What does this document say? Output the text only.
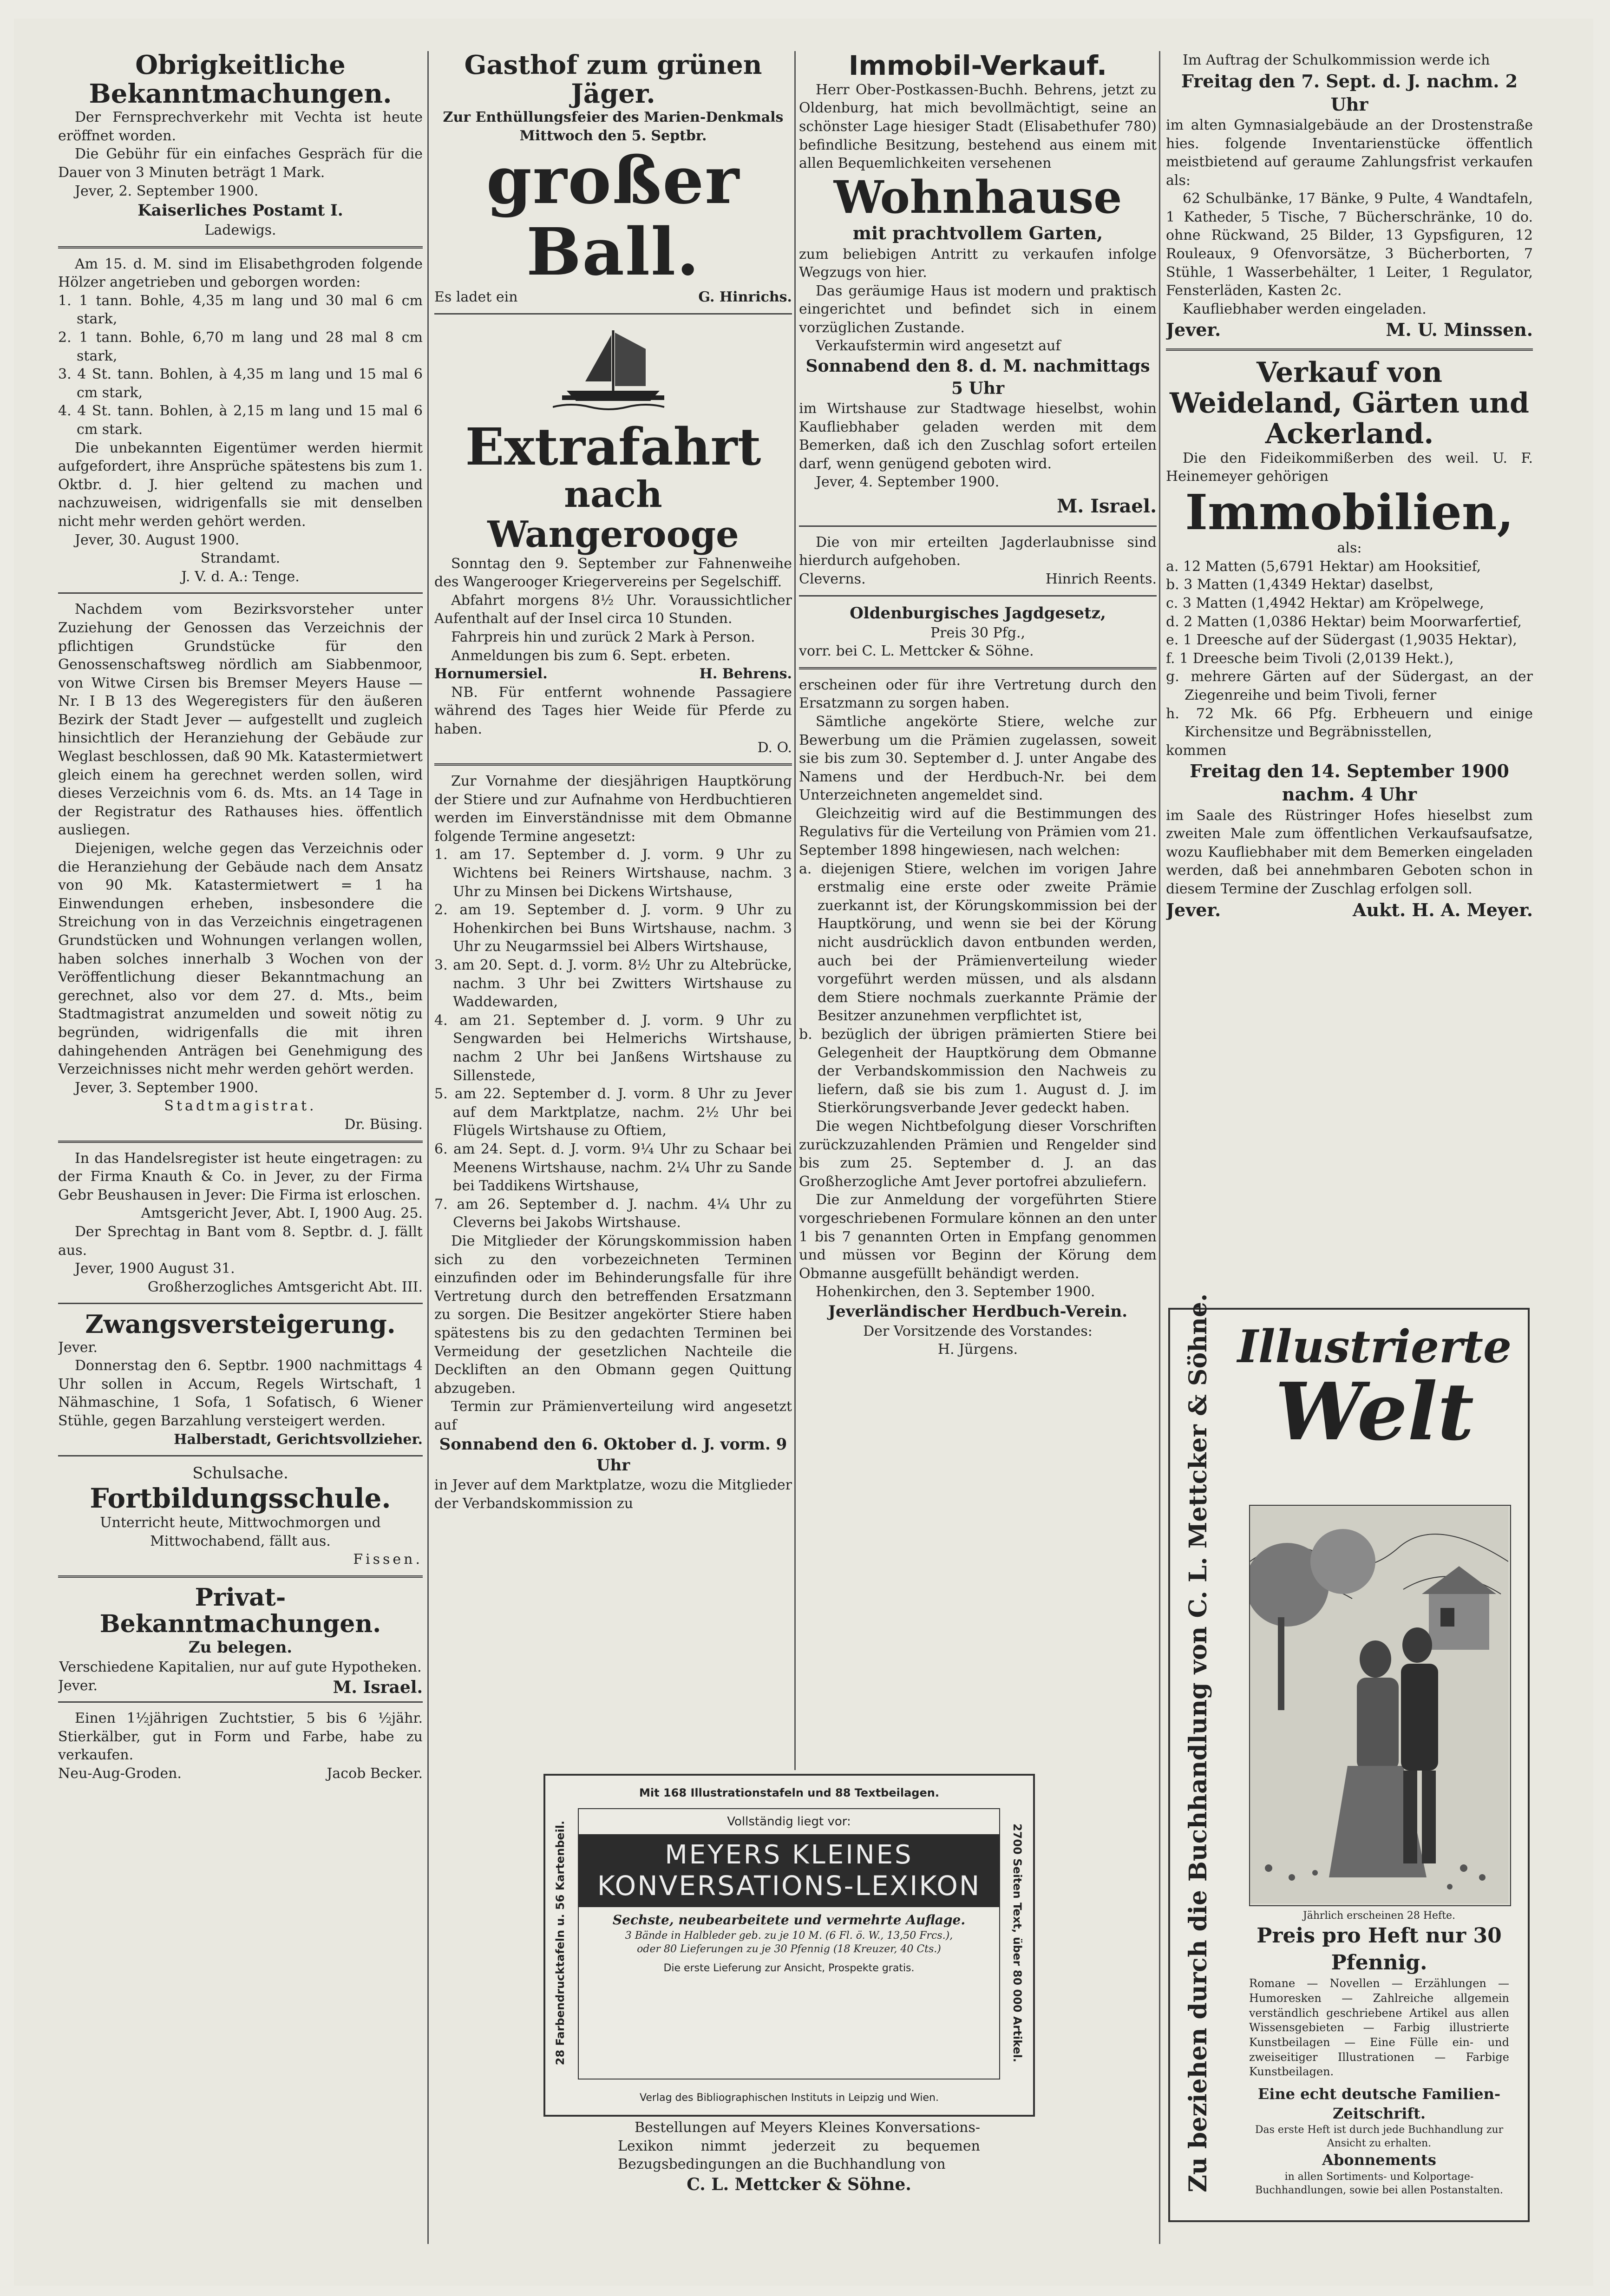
Obrigkeitliche Bekanntmachungen.

Der Fernsprechverkehr mit Vechta ist heute eröffnet worden.

Die Gebühr für ein einfaches Gespräch für die Dauer von 3 Minuten beträgt 1 Mark.

Jever, 2. September 1900.

Kaiserliches Postamt I.

Ladewigs.

Am 15. d. M. sind im Elisabethgroden folgende Hölzer angetrieben und geborgen worden:

1. 1 tann. Bohle, 4,35 m lang und 30 mal 6 cm stark,

2. 1 tann. Bohle, 6,70 m lang und 28 mal 8 cm stark,

3. 4 St. tann. Bohlen, à 4,35 m lang und 15 mal 6 cm stark,

4. 4 St. tann. Bohlen, à 2,15 m lang und 15 mal 6 cm stark.

Die unbekannten Eigentümer werden hiermit aufgefordert, ihre Ansprüche spätestens bis zum 1. Oktbr. d. J. hier geltend zu machen und nachzuweisen, widrigenfalls sie mit denselben nicht mehr werden gehört werden.

Jever, 30. August 1900.

Strandamt.

J. V. d. A.: Tenge.

Nachdem vom Bezirksvorsteher unter Zuziehung der Genossen das Verzeichnis der pflichtigen Grundstücke für den Genossenschaftsweg nördlich am Siabbenmoor, von Witwe Cirsen bis Bremser Meyers Hause — Nr. I B 13 des Wegeregisters für den äußeren Bezirk der Stadt Jever — aufgestellt und zugleich hinsichtlich der Heranziehung der Gebäude zur Weglast beschlossen, daß 90 Mk. Katastermietwert gleich einem ha gerechnet werden sollen, wird dieses Verzeichnis vom 6. ds. Mts. an 14 Tage in der Registratur des Rathauses hies. öffentlich ausliegen.

Diejenigen, welche gegen das Verzeichnis oder die Heranziehung der Gebäude nach dem Ansatz von 90 Mk. Katastermietwert = 1 ha Einwendungen erheben, insbesondere die Streichung von in das Verzeichnis eingetragenen Grundstücken und Wohnungen verlangen wollen, haben solches innerhalb 3 Wochen von der Veröffentlichung dieser Bekanntmachung an gerechnet, also vor dem 27. d. Mts., beim Stadtmagistrat anzumelden und soweit nötig zu begründen, widrigenfalls die mit ihren dahingehenden Anträgen bei Genehmigung des Verzeichnisses nicht mehr werden gehört werden.

Jever, 3. September 1900.

Stadtmagistrat.

Dr. Büsing.

In das Handelsregister ist heute eingetragen: zu der Firma Knauth & Co. in Jever, zu der Firma Gebr Beushausen in Jever: Die Firma ist erloschen.

Amtsgericht Jever, Abt. I, 1900 Aug. 25.

Der Sprechtag in Bant vom 8. Septbr. d. J. fällt aus.

Jever, 1900 August 31.

Großherzogliches Amtsgericht Abt. III.

Zwangsversteigerung.

Jever.

Donnerstag den 6. Septbr. 1900 nachmittags 4 Uhr sollen in Accum, Regels Wirtschaft, 1 Nähmaschine, 1 Sofa, 1 Sofatisch, 6 Wiener Stühle, gegen Barzahlung versteigert werden.

Halberstadt, Gerichtsvollzieher.

Schulsache.

Fortbildungsschule.

Unterricht heute, Mittwochmorgen und Mittwochabend, fällt aus.

Fissen.

Privat-Bekanntmachungen.

Zu belegen.

Verschiedene Kapitalien, nur auf gute Hypotheken.

Jever.	M. Israel.

Einen 1½jährigen Zuchtstier, 5 bis 6 ½jähr. Stierkälber, gut in Form und Farbe, habe zu verkaufen.

Neu-Aug-Groden.	Jacob Becker.

Gasthof zum grünen Jäger.

Zur Enthüllungsfeier des Marien-Denkmals Mittwoch den 5. Septbr.

großer Ball.

Es ladet ein	G. Hinrichs.

Extrafahrt
nach Wangerooge

Sonntag den 9. September zur Fahnenweihe des Wangerooger Kriegervereins per Segelschiff.

Abfahrt morgens 8½ Uhr. Voraussichtlicher Aufenthalt auf der Insel circa 10 Stunden.

Fahrpreis hin und zurück 2 Mark à Person.

Anmeldungen bis zum 6. Sept. erbeten.

Hornumersiel.	H. Behrens.

NB. Für entfernt wohnende Passagiere während des Tages hier Weide für Pferde zu haben.

D. O.

Zur Vornahme der diesjährigen Hauptkörung der Stiere und zur Aufnahme von Herdbuchtieren werden im Einverständnisse mit dem Obmanne folgende Termine angesetzt:

1. am 17. September d. J. vorm. 9 Uhr zu Wichtens bei Reiners Wirtshause, nachm. 3 Uhr zu Minsen bei Dickens Wirtshause,

2. am 19. September d. J. vorm. 9 Uhr zu Hohenkirchen bei Buns Wirtshause, nachm. 3 Uhr zu Neugarmssiel bei Albers Wirtshause,

3. am 20. Sept. d. J. vorm. 8½ Uhr zu Altebrücke, nachm. 3 Uhr bei Zwitters Wirtshause zu Waddewarden,

4. am 21. September d. J. vorm. 9 Uhr zu Sengwarden bei Helmerichs Wirtshause, nachm 2 Uhr bei Janßens Wirtshause zu Sillenstede,

5. am 22. September d. J. vorm. 8 Uhr zu Jever auf dem Marktplatze, nachm. 2½ Uhr bei Flügels Wirtshause zu Oftiem,

6. am 24. Sept. d. J. vorm. 9¼ Uhr zu Schaar bei Meenens Wirtshause, nachm. 2¼ Uhr zu Sande bei Taddikens Wirtshause,

7. am 26. September d. J. nachm. 4¼ Uhr zu Cleverns bei Jakobs Wirtshause.

Die Mitglieder der Körungskommission haben sich zu den vorbezeichneten Terminen einzufinden oder im Behinderungsfalle für ihre Vertretung durch den betreffenden Ersatzmann zu sorgen. Die Besitzer angekörter Stiere haben spätestens bis zu den gedachten Terminen bei Vermeidung der gesetzlichen Nachteile die Deckliften an den Obmann gegen Quittung abzugeben.

Termin zur Prämienverteilung wird angesetzt auf

Sonnabend den 6. Oktober d. J. vorm. 9 Uhr

in Jever auf dem Marktplatze, wozu die Mitglieder der Verbandskommission zu

Immobil-Verkauf.

Herr Ober-Postkassen-Buchh. Behrens, jetzt zu Oldenburg, hat mich bevollmächtigt, seine an schönster Lage hiesiger Stadt (Elisabethufer 780) befindliche Besitzung, bestehend aus einem mit allen Bequemlichkeiten versehenen

Wohnhause

mit prachtvollem Garten,

zum beliebigen Antritt zu verkaufen infolge Wegzugs von hier.

Das geräumige Haus ist modern und praktisch eingerichtet und befindet sich in einem vorzüglichen Zustande.

Verkaufstermin wird angesetzt auf

Sonnabend den 8. d. M. nachmittags 5 Uhr

im Wirtshause zur Stadtwage hieselbst, wohin Kaufliebhaber geladen werden mit dem Bemerken, daß ich den Zuschlag sofort erteilen darf, wenn genügend geboten wird.

Jever, 4. September 1900.

M. Israel.

Die von mir erteilten Jagderlaubnisse sind hierdurch aufgehoben.

Cleverns.	Hinrich Reents.

Oldenburgisches Jagdgesetz,

Preis 30 Pfg.,

vorr. bei C. L. Mettcker & Söhne.

erscheinen oder für ihre Vertretung durch den Ersatzmann zu sorgen haben.

Sämtliche angekörte Stiere, welche zur Bewerbung um die Prämien zugelassen, soweit sie bis zum 30. September d. J. unter Angabe des Namens und der Herdbuch-Nr. bei dem Unterzeichneten angemeldet sind.

Gleichzeitig wird auf die Bestimmungen des Regulativs für die Verteilung von Prämien vom 21. September 1898 hingewiesen, nach welchen:

a. diejenigen Stiere, welchen im vorigen Jahre erstmalig eine erste oder zweite Prämie zuerkannt ist, der Körungskommission bei der Hauptkörung, und wenn sie bei der Körung nicht ausdrücklich davon entbunden werden, auch bei der Prämienverteilung wieder vorgeführt werden müssen, und als alsdann dem Stiere nochmals zuerkannte Prämie der Besitzer anzunehmen verpflichtet ist,

b. bezüglich der übrigen prämierten Stiere bei Gelegenheit der Hauptkörung dem Obmanne der Verbandskommission den Nachweis zu liefern, daß sie bis zum 1. August d. J. im Stierkörungsverbande Jever gedeckt haben.

Die wegen Nichtbefolgung dieser Vorschriften zurückzuzahlenden Prämien und Rengelder sind bis zum 25. September d. J. an das Großherzogliche Amt Jever portofrei abzuliefern.

Die zur Anmeldung der vorgeführten Stiere vorgeschriebenen Formulare können an den unter 1 bis 7 genannten Orten in Empfang genommen und müssen vor Beginn der Körung dem Obmanne ausgefüllt behändigt werden.

Hohenkirchen, den 3. September 1900.

Jeverländischer Herdbuch-Verein.

Der Vorsitzende des Vorstandes:

H. Jürgens.

Im Auftrag der Schulkommission werde ich

Freitag den 7. Sept. d. J. nachm. 2 Uhr

im alten Gymnasialgebäude an der Drostenstraße hies. folgende Inventarienstücke öffentlich meistbietend auf geraume Zahlungsfrist verkaufen als:

62 Schulbänke, 17 Bänke, 9 Pulte, 4 Wandtafeln, 1 Katheder, 5 Tische, 7 Bücherschränke, 10 do. ohne Rückwand, 25 Bilder, 13 Gypsfiguren, 12 Rouleaux, 9 Ofenvorsätze, 3 Bücherborten, 7 Stühle, 1 Wasserbehälter, 1 Leiter, 1 Regulator, Fensterläden, Kasten 2c.

Kaufliebhaber werden eingeladen.

Jever.	M. U. Minssen.

Verkauf von Weideland, Gärten und Ackerland.

Die den Fideikommißerben des weil. U. F. Heinemeyer gehörigen

Immobilien,

als:

a. 12 Matten (5,6791 Hektar) am Hooksitief,

b. 3 Matten (1,4349 Hektar) daselbst,

c. 3 Matten (1,4942 Hektar) am Kröpelwege,

d. 2 Matten (1,0386 Hektar) beim Moorwarfertief,

e. 1 Dreesche auf der Südergast (1,9035 Hektar),

f. 1 Dreesche beim Tivoli (2,0139 Hekt.),

g. mehrere Gärten auf der Südergast, an der Ziegenreihe und beim Tivoli, ferner

h. 72 Mk. 66 Pfg. Erbheuern und einige Kirchensitze und Begräbnisstellen,

kommen

Freitag den 14. September 1900 nachm. 4 Uhr

im Saale des Rüstringer Hofes hieselbst zum zweiten Male zum öffentlichen Verkaufsaufsatze, wozu Kaufliebhaber mit dem Bemerken eingeladen werden, daß bei annehmbaren Geboten schon in diesem Termine der Zuschlag erfolgen soll.

Jever.	Aukt. H. A. Meyer.

Zu beziehen durch die Buchhandlung von C. L. Mettcker & Söhne. Illustrierte
Welt

Jährlich erscheinen 28 Hefte.

Preis pro Heft nur 30 Pfennig.

Romane — Novellen — Erzählungen — Humoresken — Zahlreiche allgemein verständlich geschriebene Artikel aus allen Wissensgebieten — Farbig illustrierte Kunstbeilagen — Eine Fülle ein- und zweiseitiger Illustrationen — Farbige Kunstbeilagen.

Eine echt deutsche Familien-Zeitschrift.

Das erste Heft ist durch jede Buchhandlung zur Ansicht zu erhalten.

Abonnements

in allen Sortiments- und Kolportage-Buchhandlungen, sowie bei allen Postanstalten.

Mit 168 Illustrationstafeln und 88 Textbeilagen.

28 Farbendrucktafeln u. 56 Kartenbeil.	2700 Seiten Text, über 80 000 Artikel.

Vollständig liegt vor:

MEYERS KLEINES
KONVERSATIONS-LEXIKON

Sechste, neubearbeitete und vermehrte Auflage.

3 Bände in Halbleder geb. zu je 10 M. (6 Fl. ö. W., 13,50 Frcs.),

oder 80 Lieferungen zu je 30 Pfennig (18 Kreuzer, 40 Cts.)

Die erste Lieferung zur Ansicht, Prospekte gratis.

Verlag des Bibliographischen Instituts in Leipzig und Wien.

Bestellungen auf Meyers Kleines Konversations-Lexikon nimmt jederzeit zu bequemen Bezugsbedingungen an die Buchhandlung von

C. L. Mettcker & Söhne.
